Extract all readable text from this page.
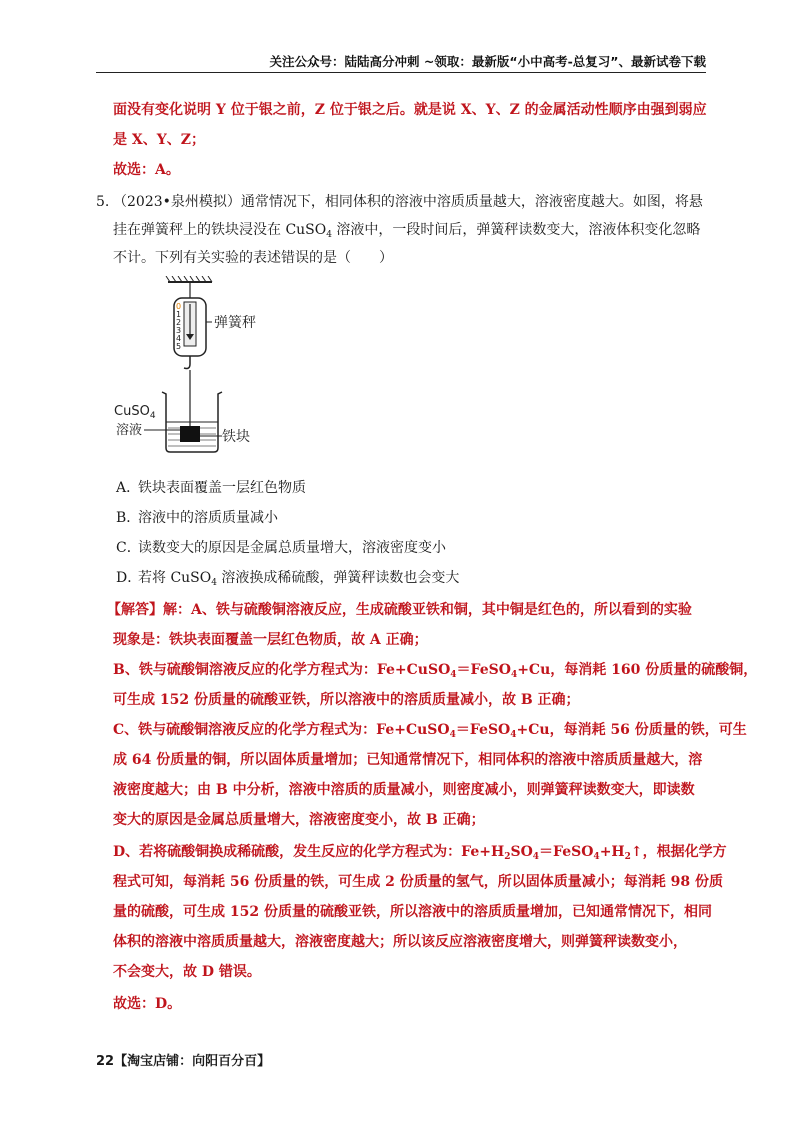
关注公众号：陆陆高分冲刺 ~领取：最新版“小中高考-总复习”、最新试卷下载
面没有变化说明 Y 位于银之前，Z 位于银之后。就是说 X、Y、Z 的金属活动性顺序由强到弱应
是 X、Y、Z；
故选：A。
5. （2023•泉州模拟）通常情况下，相同体积的溶液中溶质质量越大，溶液密度越大。如图，将悬
挂在弹簧秤上的铁块浸没在 CuSO$_4$ 溶液中，一段时间后，弹簧秤读数变大，溶液体积变化忽略
不计。下列有关实验的表述错误的是（　　）
0
1
2
3
4
5
弹簧秤
CuSO$_4$
溶液	铁块
A．铁块表面覆盖一层红色物质
B．溶液中的溶质质量减小
C．读数变大的原因是金属总质量增大，溶液密度变小
D．若将 CuSO$_4$ 溶液换成稀硫酸，弹簧秤读数也会变大
【解答】解：A、铁与硫酸铜溶液反应，生成硫酸亚铁和铜，其中铜是红色的，所以看到的实验
现象是：铁块表面覆盖一层红色物质，故 A 正确；
B、铁与硫酸铜溶液反应的化学方程式为：Fe+CuSO$_4$＝FeSO$_4$+Cu，每消耗 160 份质量的硫酸铜，
可生成 152 份质量的硫酸亚铁，所以溶液中的溶质质量减小，故 B 正确；
C、铁与硫酸铜溶液反应的化学方程式为：Fe+CuSO$_4$＝FeSO$_4$+Cu，每消耗 56 份质量的铁，可生
成 64 份质量的铜，所以固体质量增加；已知通常情况下，相同体积的溶液中溶质质量越大，溶
液密度越大；由 B 中分析，溶液中溶质的质量减小，则密度减小，则弹簧秤读数变大，即读数
变大的原因是金属总质量增大，溶液密度变小，故 B 正确；
D、若将硫酸铜换成稀硫酸，发生反应的化学方程式为：$Fe+H_2SO_4=FeSO_4+H_2↑$，根据化学方
程式可知，每消耗 56 份质量的铁，可生成 2 份质量的氢气，所以固体质量减小；每消耗 98 份质
量的硫酸，可生成 152 份质量的硫酸亚铁，所以溶液中的溶质质量增加，已知通常情况下，相同
体积的溶液中溶质质量越大，溶液密度越大；所以该反应溶液密度增大，则弹簧秤读数变小，
不会变大，故 D 错误。
故选：D。
22【淘宝店铺：向阳百分百】
